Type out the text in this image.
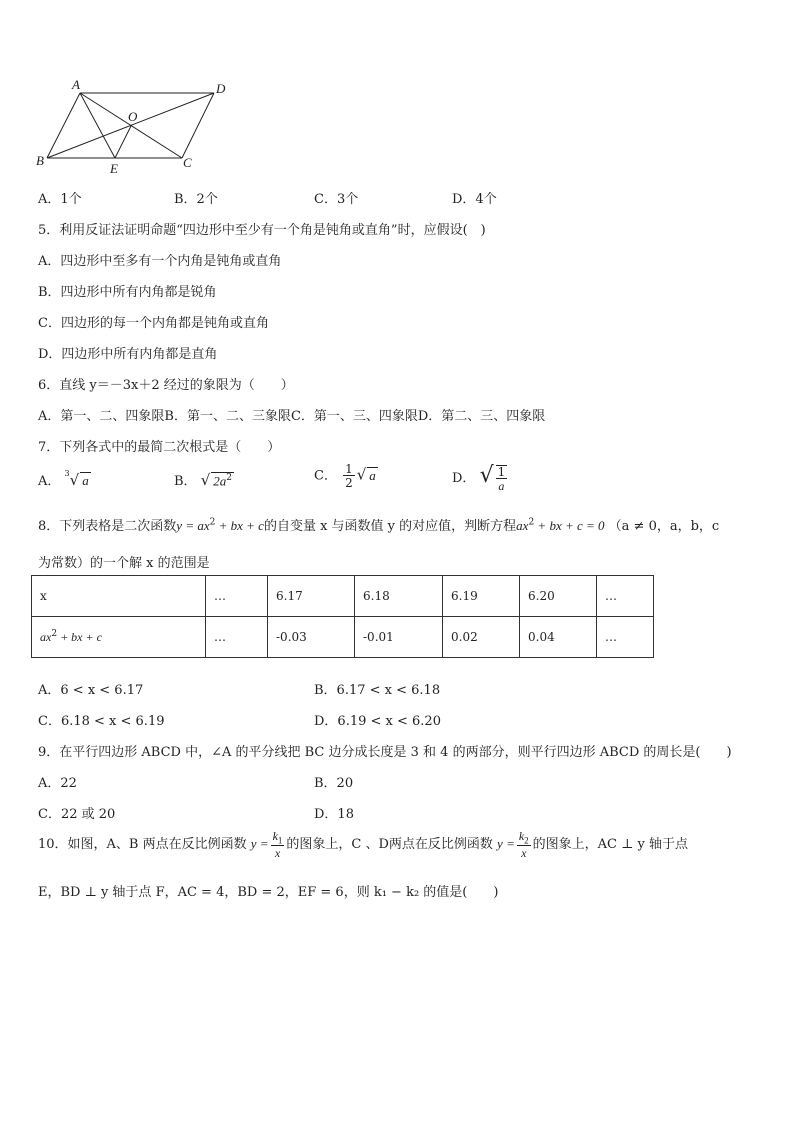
A	D
O
B
E	C
A．1个	B．2个	C．3个	D．4个
5．利用反证法证明命题“四边形中至少有一个角是钝角或直角”时，应假设(　)
A．四边形中至多有一个内角是钝角或直角
B．四边形中所有内角都是锐角
C．四边形的每一个内角都是钝角或直角
D．四边形中所有内角都是直角
6．直线 y＝－3x＋2 经过的象限为（　　）
A．第一、二、四象限B．第一、二、三象限C．第一、三、四象限D．第二、三、四象限
7．下列各式中的最简二次根式是（　　）
A． $^3$√ a	B． √ $2a^2$	C． $\frac{1}{2}$ √ a	D． √ $\frac{1}{a}$
8．下列表格是二次函数$y = ax^2$ + bx + c的自变量 x 与函数值 y 的对应值，判断方程$ax^2$ + bx + c = 0 （a ≠ 0，a，b，c
为常数）的一个解 x 的范围是
x	…	6.17	6.18	6.19	6.20	…
$ax^2$ + bx + c	…	-0.03	-0.01	0.02	0.04	…
A．6 < x < 6.17	B．6.17 < x < 6.18
C．6.18 < x < 6.19	D．6.19 < x < 6.20
9．在平行四边形 ABCD 中，∠A 的平分线把 BC 边分成长度是 3 和 4 的两部分，则平行四边形 ABCD 的周长是(　　)
A．22	B．20
C．22 或 20	D．18
10．如图，A、B 两点在反比例函数 $y = \frac{k_1}{x}$ 的图象上，C 、D两点在反比例函数 $y = \frac{k_2}{x}$ 的图象上，AC ⊥ y 轴于点
E，BD ⊥ y 轴于点 F，AC = 4，BD = 2，EF = 6，则 k₁ − k₂ 的值是(　　)
